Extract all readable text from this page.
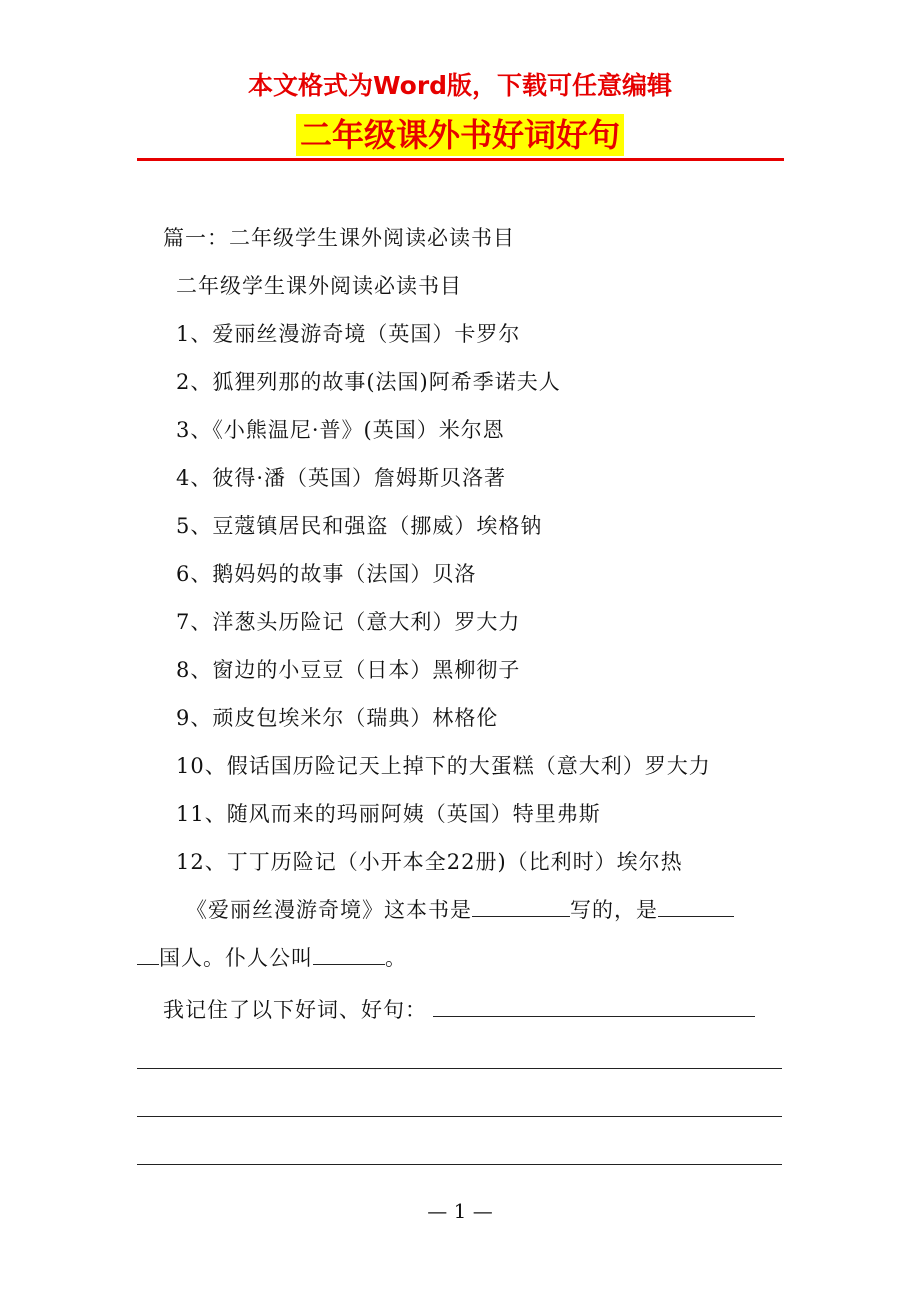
本文格式为Word版，下载可任意编辑
二年级课外书好词好句
篇一：二年级学生课外阅读必读书目
二年级学生课外阅读必读书目
1、爱丽丝漫游奇境（英国）卡罗尔
2、狐狸列那的故事(法国)阿希季诺夫人
3、《小熊温尼·普》(英国）米尔恩
4、彼得·潘（英国）詹姆斯贝洛著
5、豆蔻镇居民和强盗（挪威）埃格钠
6、鹅妈妈的故事（法国）贝洛
7、洋葱头历险记（意大利）罗大力
8、窗边的小豆豆（日本）黑柳彻子
9、顽皮包埃米尔（瑞典）林格伦
10、假话国历险记天上掉下的大蛋糕（意大利）罗大力
11、随风而来的玛丽阿姨（英国）特里弗斯
12、丁丁历险记（小开本全22册)（比利时）埃尔热
《爱丽丝漫游奇境》这本书是	写的，是
国人。仆人公叫	。
我记住了以下好词、好句：
— 1 —
